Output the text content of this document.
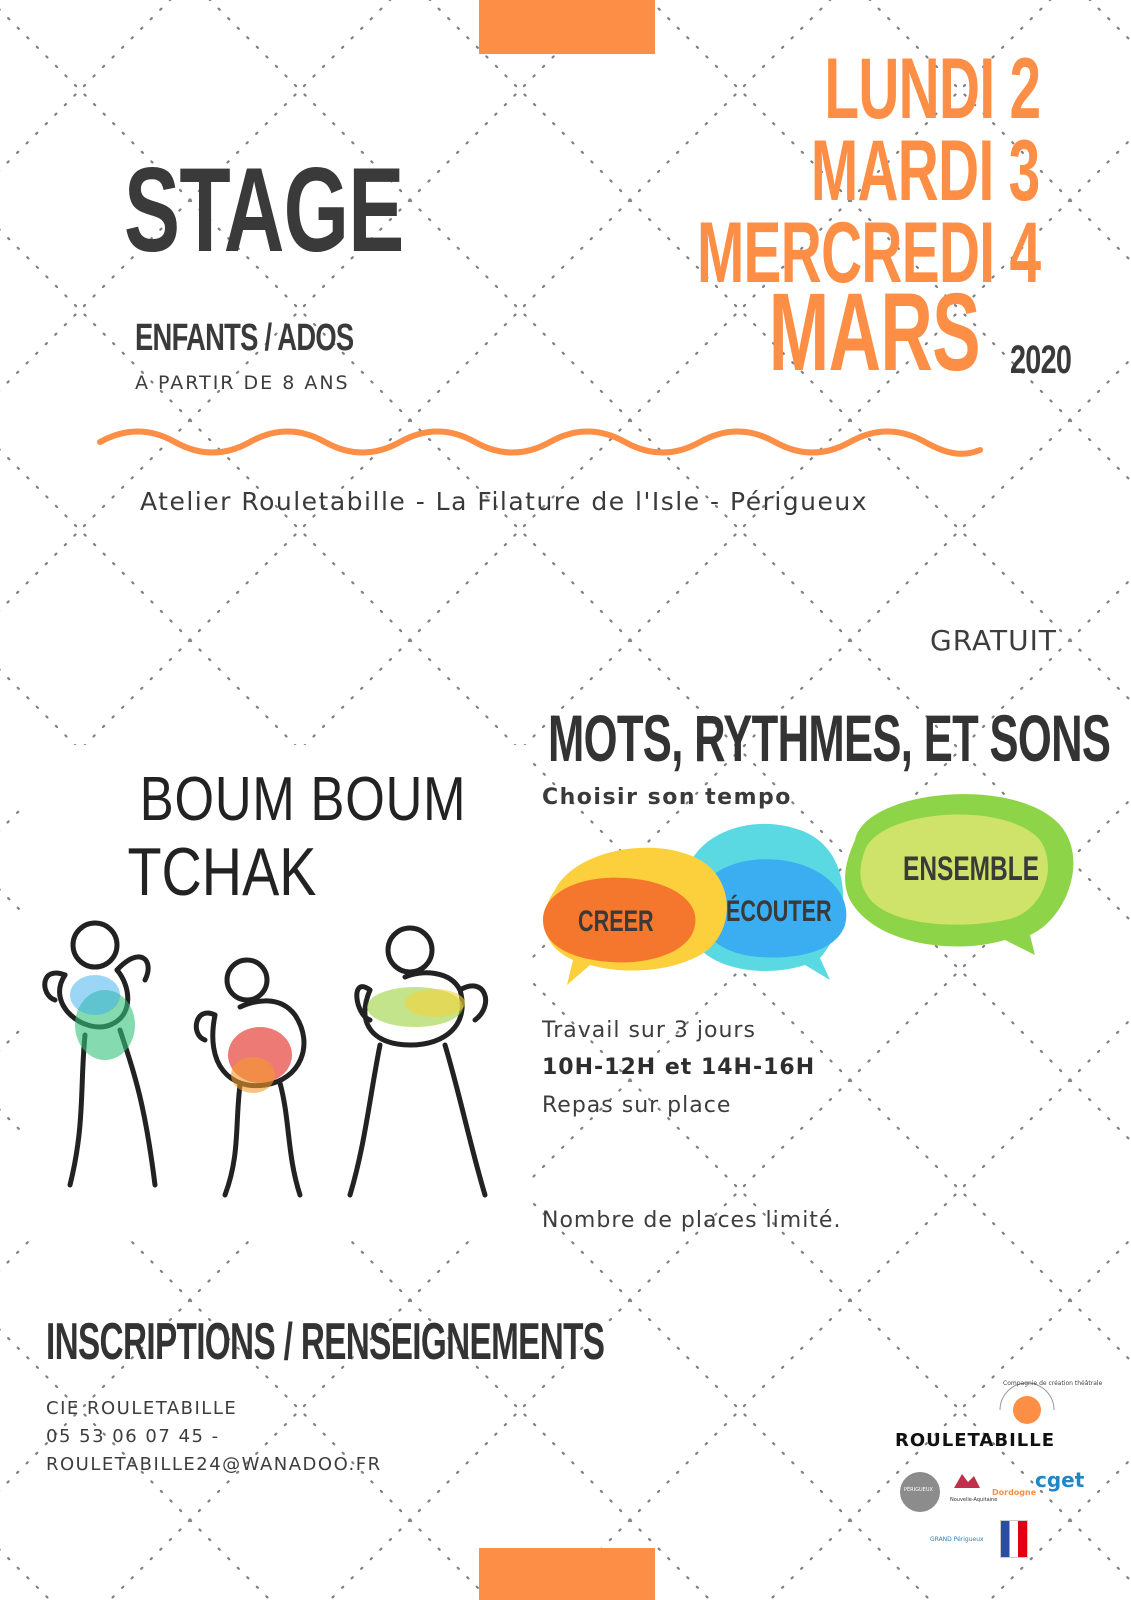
STAGE
ENFANTS / ADOS
A PARTIR DE 8 ANS
LUNDI 2
MARDI 3
MERCREDI 4
MARS 2020
Atelier Rouletabille - La Filature de l'Isle - Périgueux
GRATUIT
MOTS, RYTHMES, ET SONS
Choisir son tempo
CREER ÉCOUTER
ENSEMBLE
Travail sur 3 jours
10H-12H et 14H-16H
Repas sur place
Nombre de places limité.
BOUM BOUM
TCHAK
INSCRIPTIONS / RENSEIGNEMENTS
CIE ROULETABILLE
05 53 06 07 45 -
ROULETABILLE24@WANADOO.FR
Compagnie de création théâtrale
ROULETABILLE
PÉRIGUEUX
Nouvelle-Aquitaine
Dordogne
cget
GRAND Périgueux
